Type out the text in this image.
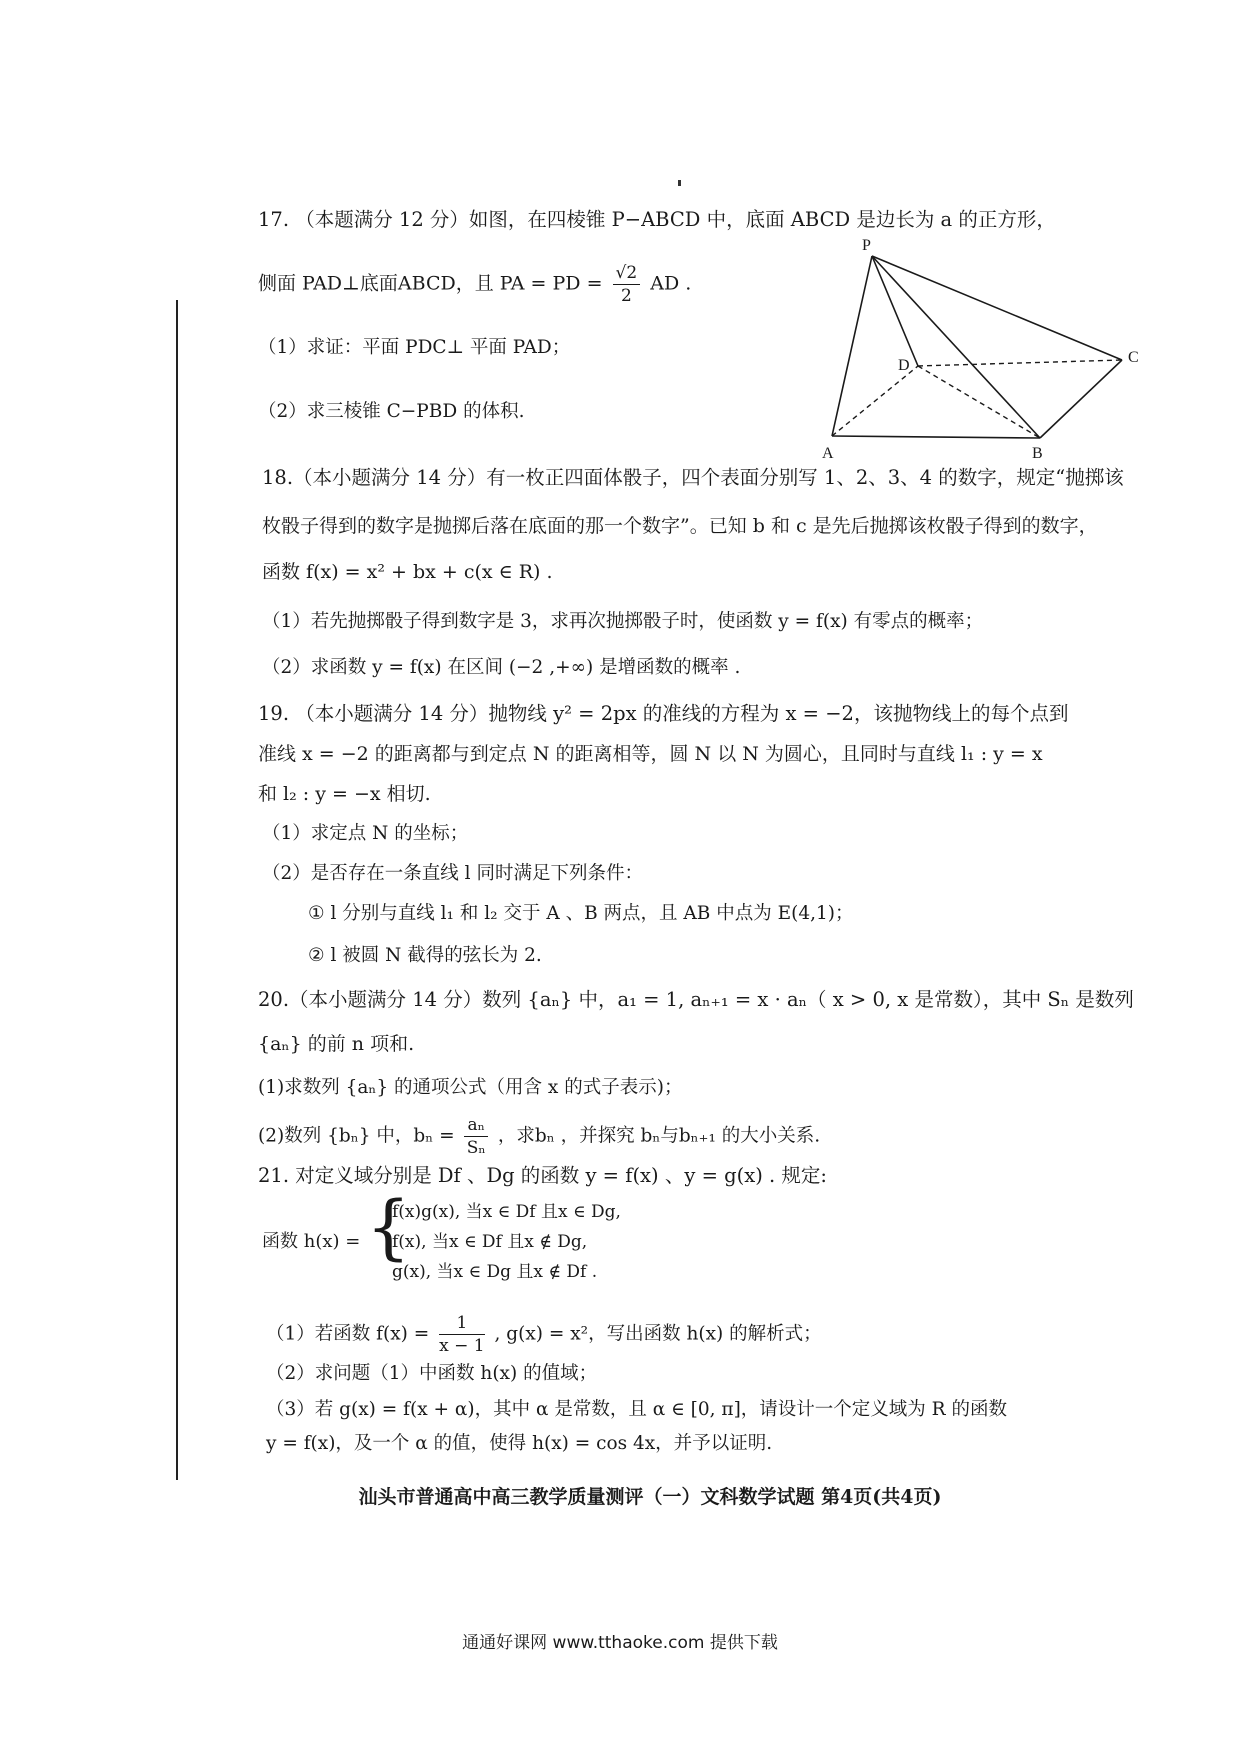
17. （本题满分 12 分）如图，在四棱锥 P−ABCD 中，底面 ABCD 是边长为 a 的正方形，
侧面 PAD⊥底面ABCD，且 PA = PD = $\frac{√2}{2}$ AD .
（1）求证：平面 PDC⊥ 平面 PAD；
（2）求三棱锥 C−PBD 的体积.
P
A	B
C
D
18.（本小题满分 14 分）有一枚正四面体骰子，四个表面分别写 1、2、3、4 的数字，规定“抛掷该
枚骰子得到的数字是抛掷后落在底面的那一个数字”。已知 b 和 c 是先后抛掷该枚骰子得到的数字，
函数 f(x) = x² + bx + c(x ∈ R) .
（1）若先抛掷骰子得到数字是 3，求再次抛掷骰子时，使函数 y = f(x) 有零点的概率；
（2）求函数 y = f(x) 在区间 (−2 ,+∞) 是增函数的概率 .
19. （本小题满分 14 分）抛物线 y² = 2px 的准线的方程为 x = −2，该抛物线上的每个点到
准线 x = −2 的距离都与到定点 N 的距离相等，圆 N 以 N 为圆心，且同时与直线 l₁ : y = x
和 l₂ : y = −x 相切.
（1）求定点 N 的坐标；
（2）是否存在一条直线 l 同时满足下列条件：
① l 分别与直线 l₁ 和 l₂ 交于 A 、B 两点，且 AB 中点为 E(4,1)；
② l 被圆 N 截得的弦长为 2.
20.（本小题满分 14 分）数列 {aₙ} 中，a₁ = 1, aₙ₊₁ = x · aₙ（ x > 0, x 是常数），其中 Sₙ 是数列
{aₙ} 的前 n 项和.
(1)求数列 {aₙ} 的通项公式（用含 x 的式子表示)；
(2)数列 {bₙ} 中，$b_n = \frac{\text{aₙ}}{\text{Sₙ}}$ ，求bₙ ，并探究 bₙ与bₙ₊₁ 的大小关系.
21. 对定义域分别是 Df 、Dg 的函数 y = f(x) 、y = g(x) . 规定:
函数 h(x) = {
f(x)g(x), 当x ∈ Df 且x ∈ Dg,
f(x), 当x ∈ Df 且x ∉ Dg,
g(x), 当x ∈ Dg 且x ∉ Df .
（1）若函数 $f(x) = \frac{1}{x - 1}$ , g(x) = x²，写出函数 h(x) 的解析式；
（2）求问题（1）中函数 h(x) 的值域；
（3）若 g(x) = f(x + α)，其中 α 是常数，且 α ∈ [0, π]，请设计一个定义域为 R 的函数
y = f(x)，及一个 α 的值，使得 h(x) = cos 4x，并予以证明.
汕头市普通高中高三教学质量测评（一）文科数学试题 第4页(共4页)
通通好课网 www.tthaoke.com 提供下载
